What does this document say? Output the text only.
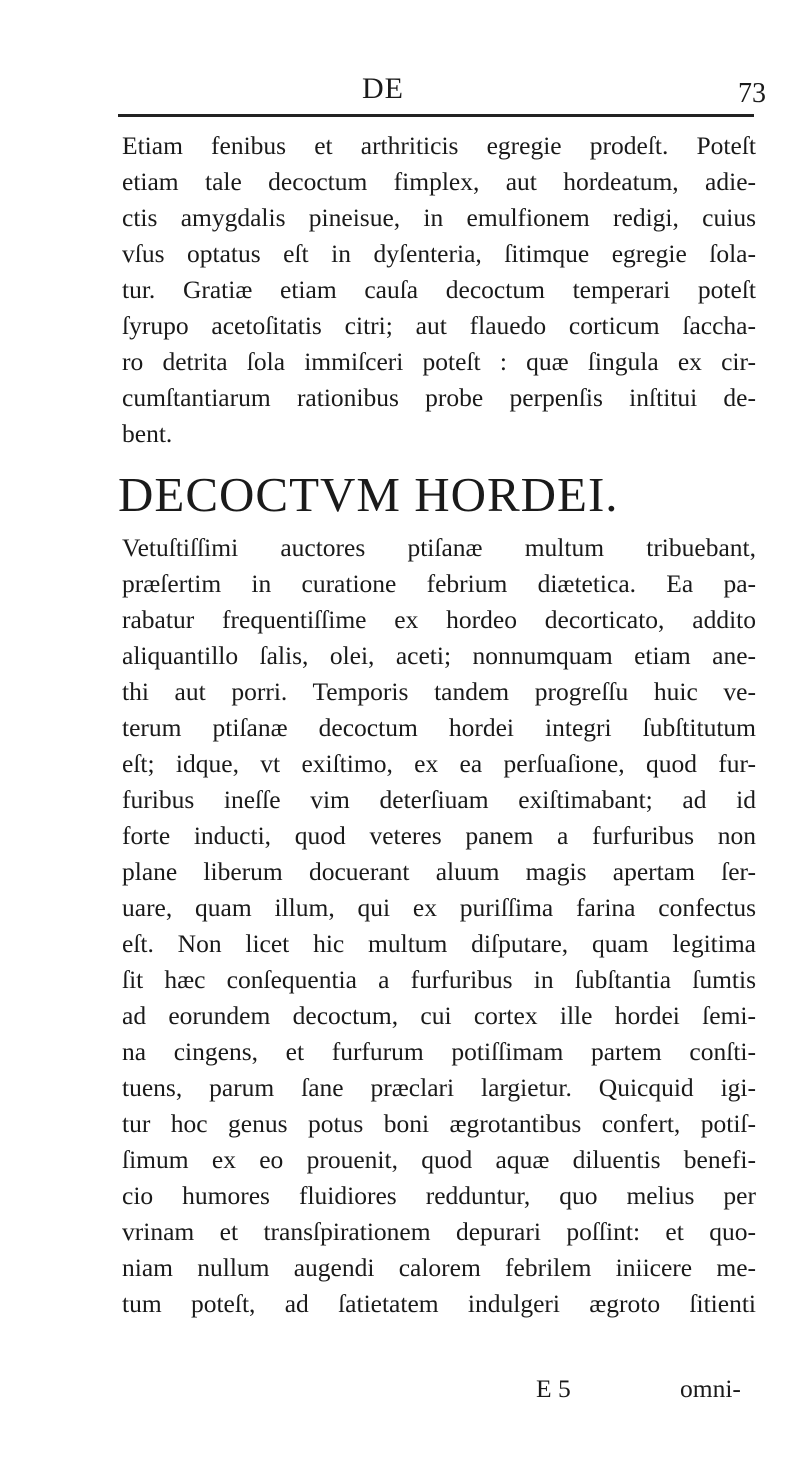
DE	73
Etiam fenibus et arthriticis egregie prodeſt. Poteſt
etiam tale decoctum fimplex, aut hordeatum, adie-
ctis amygdalis pineisue, in emulfionem redigi, cuius
vſus optatus eſt in dyſenteria, ſitimque egregie ſola-
tur. Gratiæ etiam cauſa decoctum temperari poteſt
ſyrupo acetoſitatis citri; aut flauedo corticum ſaccha-
ro detrita ſola immiſceri poteſt : quæ ſingula ex cir-
cumſtantiarum rationibus probe perpenſis inſtitui de-
bent.
DECOCTVM HORDEI.
Vetuſtiſſimi auctores ptiſanæ multum tribuebant,
præſertim in curatione febrium diætetica. Ea pa-
rabatur frequentiſſime ex hordeo decorticato, addito
aliquantillo ſalis, olei, aceti; nonnumquam etiam ane-
thi aut porri. Temporis tandem progreſſu huic ve-
terum ptiſanæ decoctum hordei integri ſubſtitutum
eſt; idque, vt exiſtimo, ex ea perſuaſione, quod fur-
furibus ineſſe vim deterſiuam exiſtimabant; ad id
forte inducti, quod veteres panem a furfuribus non
plane liberum docuerant aluum magis apertam ſer-
uare, quam illum, qui ex puriſſima farina confectus
eſt. Non licet hic multum diſputare, quam legitima
ſit hæc conſequentia a furfuribus in ſubſtantia ſumtis
ad eorundem decoctum, cui cortex ille hordei ſemi-
na cingens, et furfurum potiſſimam partem conſti-
tuens, parum ſane præclari largietur. Quicquid igi-
tur hoc genus potus boni ægrotantibus confert, potiſ-
ſimum ex eo prouenit, quod aquæ diluentis benefi-
cio humores fluidiores redduntur, quo melius per
vrinam et transſpirationem depurari poſſint: et quo-
niam nullum augendi calorem febrilem iniicere me-
tum poteſt, ad ſatietatem indulgeri ægroto ſitienti
E 5	omni-
